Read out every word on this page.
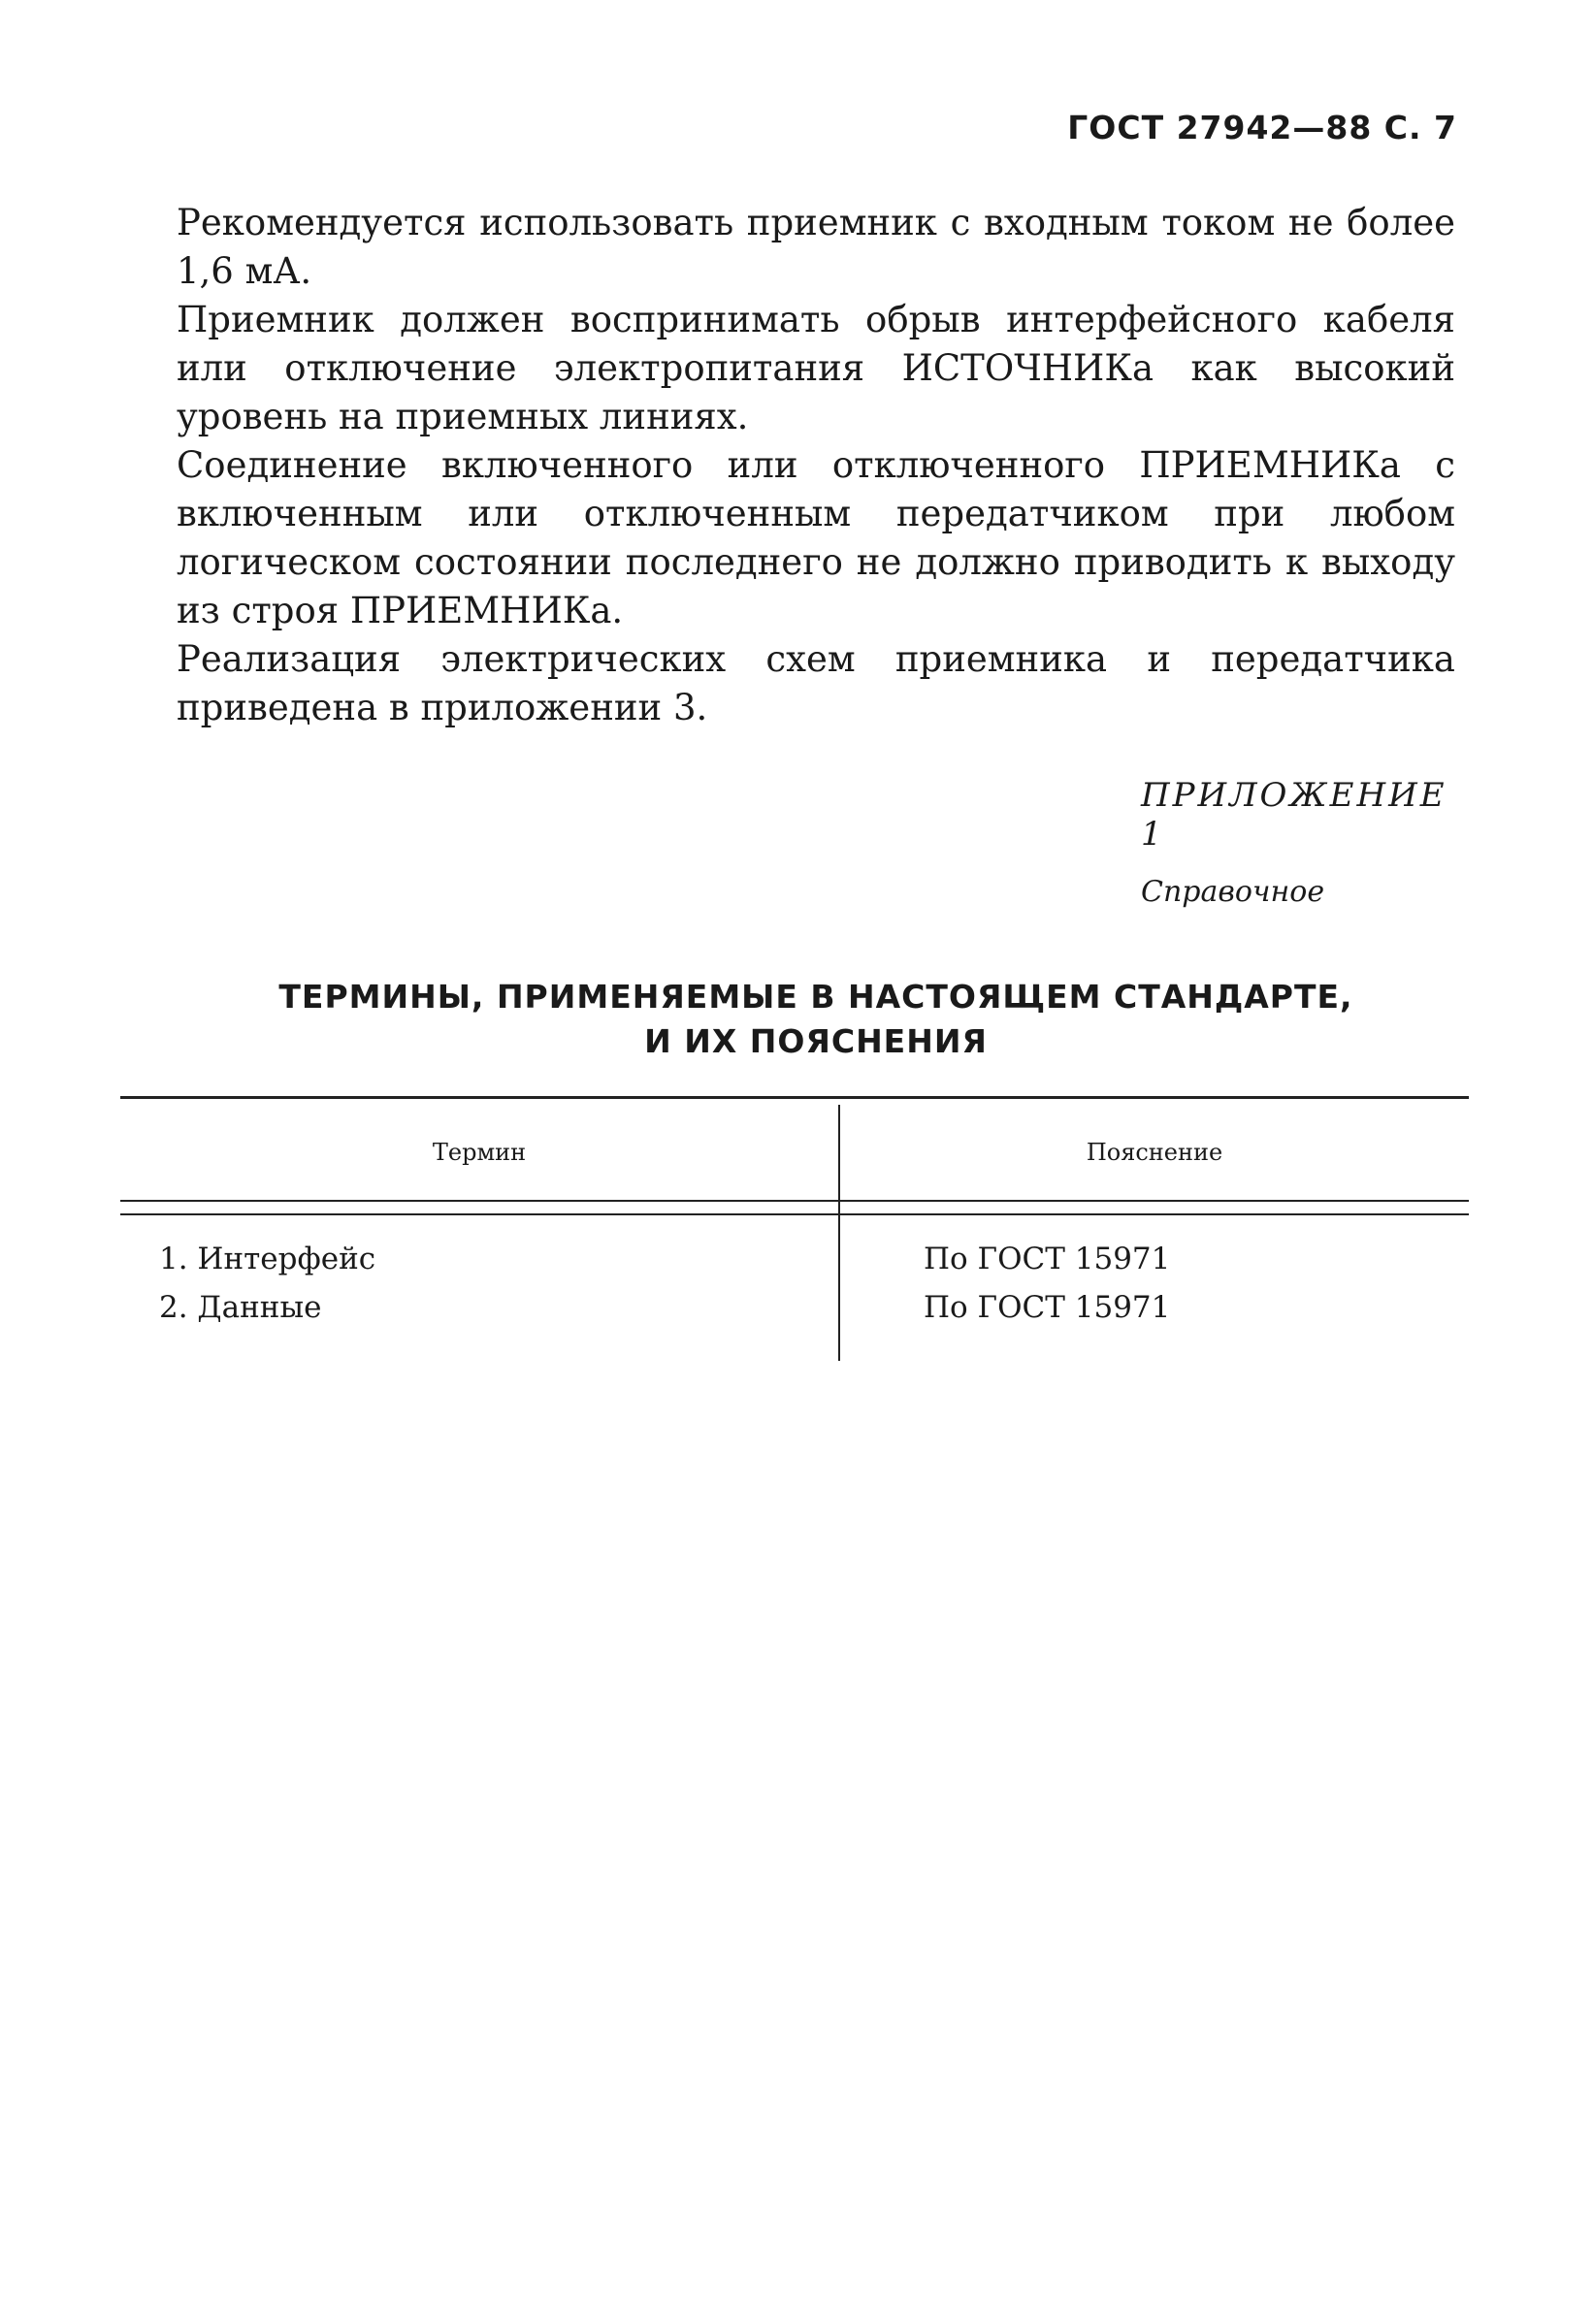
ГОСТ 27942—88 С. 7

Рекомендуется использовать приемник с входным током не более 1,6 мА.

Приемник должен воспринимать обрыв интерфейсного кабеля или отключение электропитания ИСТОЧНИКа как высокий уровень на приемных линиях.

Соединение включенного или отключенного ПРИЕМНИКа с включенным или отключенным передатчиком при любом логическом состоянии последнего не должно приводить к выходу из строя ПРИЕМНИКа.

Реализация электрических схем приемника и передатчика приведена в приложении 3.

ПРИЛОЖЕНИЕ 1
Справочное
ТЕРМИНЫ, ПРИМЕНЯЕМЫЕ В НАСТОЯЩЕМ СТАНДАРТЕ,
И ИХ ПОЯСНЕНИЯ
Термин	Пояснение

1. Интерфейс	По ГОСТ 15971
2. Данные	По ГОСТ 15971
